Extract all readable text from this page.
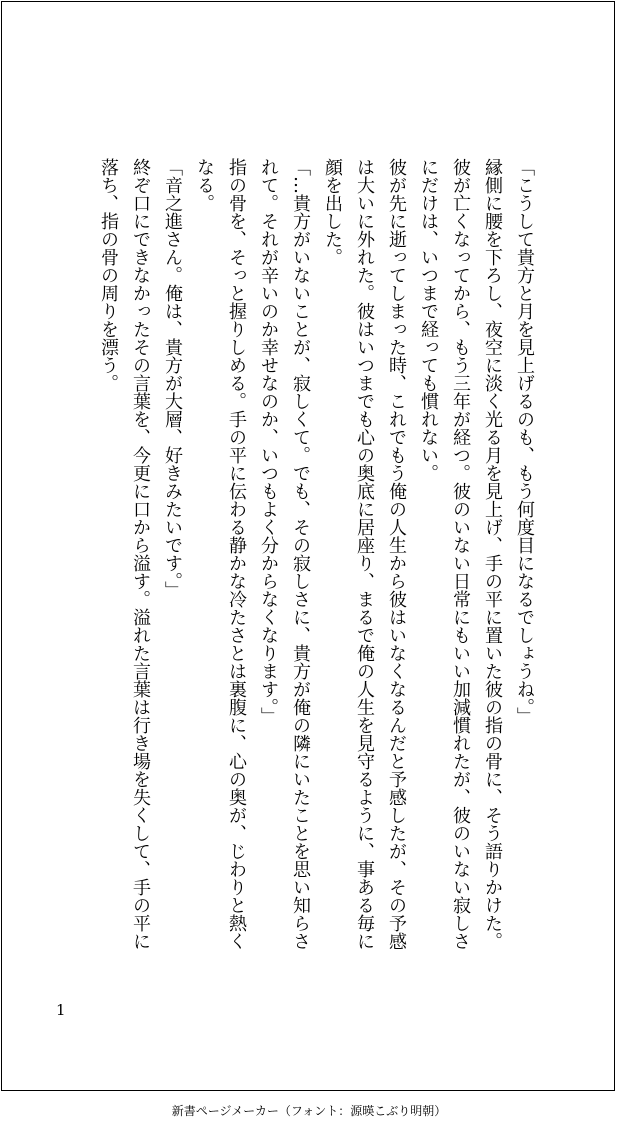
「こうして貴方と月を見上げるのも、もう何度目になるでしょうね。」

縁側に腰を下ろし、夜空に淡く光る月を見上げ、手の平に置いた彼の指の骨に、そう語りかけた。

彼が亡くなってから、もう三年が経つ。彼のいない日常にもいい加減慣れたが、彼のいない寂しさにだけは、いつまで経っても慣れない。

彼が先に逝ってしまった時、これでもう俺の人生から彼はいなくなるんだと予感したが、その予感は大いに外れた。彼はいつまでも心の奥底に居座り、まるで俺の人生を見守るように、事ある毎に顔を出した。

「…貴方がいないことが、寂しくて。でも、その寂しさに、貴方が俺の隣にいたことを思い知らされて。それが辛いのか幸せなのか、いつもよく分からなくなります。」

指の骨を、そっと握りしめる。手の平に伝わる静かな冷たさとは裏腹に、心の奥が、じわりと熱くなる。

「音之進さん。俺は、貴方が大層、好きみたいです。」

終ぞ口にできなかったその言葉を、今更に口から溢す。溢れた言葉は行き場を失くして、手の平に落ち、指の骨の周りを漂う。

1
新書ページメーカー（フォント：源暎こぶり明朝）
